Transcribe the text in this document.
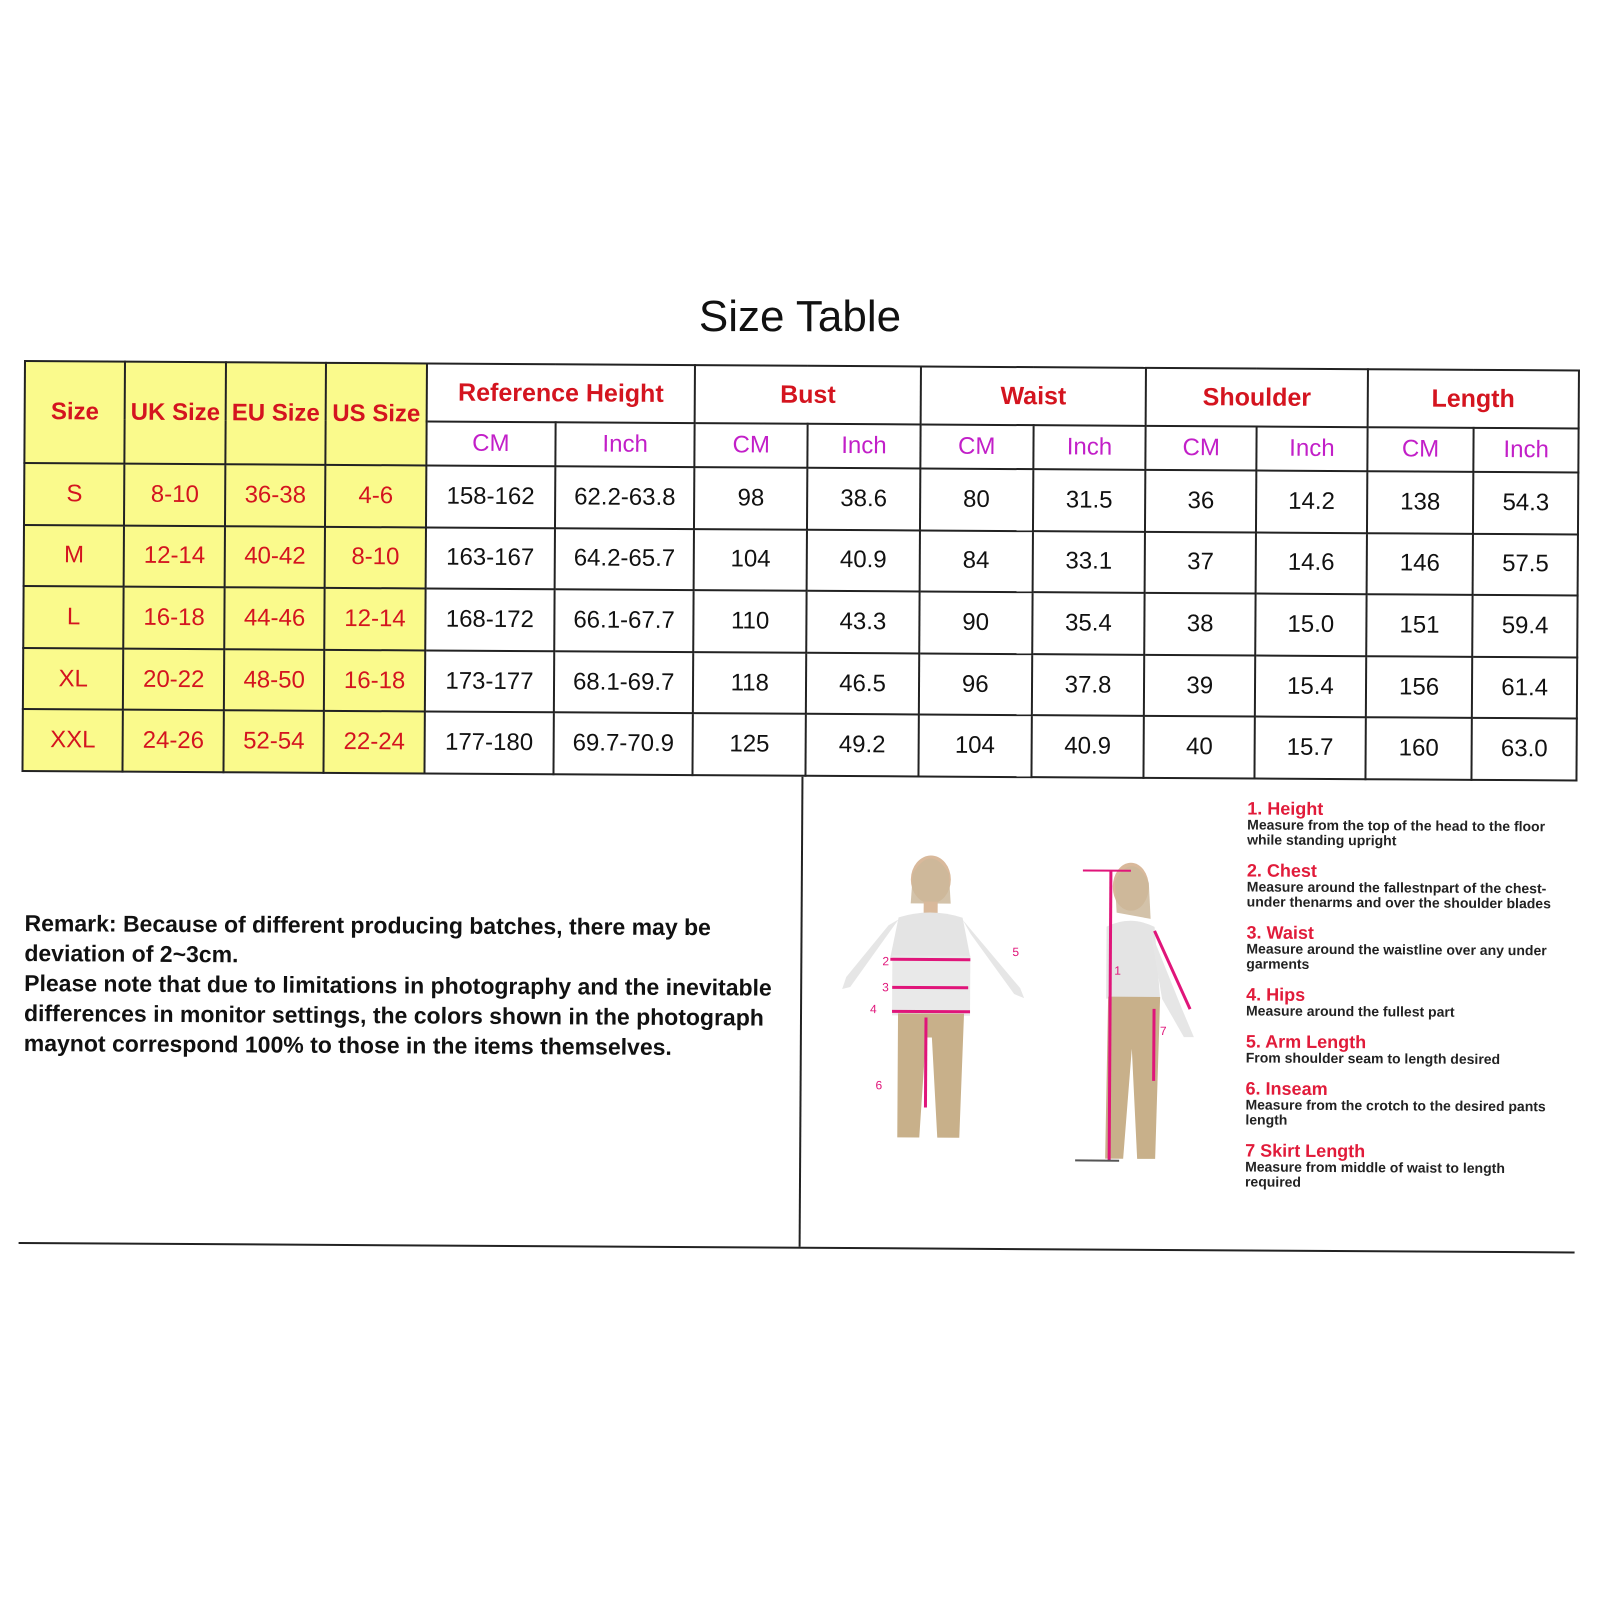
Size Table
Size	UK Size	EU Size	US Size	Reference Height		Bust		Waist		Shoulder		Length	
				CM	Inch	CM	Inch	CM	Inch	CM	Inch	CM	Inch
S	8-10	36-38	4-6	158-162	62.2-63.8	98	38.6	80	31.5	36	14.2	138	54.3
M	12-14	40-42	8-10	163-167	64.2-65.7	104	40.9	84	33.1	37	14.6	146	57.5
L	16-18	44-46	12-14	168-172	66.1-67.7	110	43.3	90	35.4	38	15.0	151	59.4
XL	20-22	48-50	16-18	173-177	68.1-69.7	118	46.5	96	37.8	39	15.4	156	61.4
XXL	24-26	52-54	22-24	177-180	69.7-70.9	125	49.2	104	40.9	40	15.7	160	63.0

Remark: Because of different producing batches, there may be deviation of 2~3cm.

Please note that due to limitations in photography and the inevitable differences in monitor settings, the colors shown in the photograph maynot correspond 100% to those in the items themselves.

2
3
4
6
5
1
7
1. Height
Measure from the top of the head to the floor while standing upright
2. Chest
Measure around the fallestnpart of the chest-under thenarms and over the shoulder blades
3. Waist
Measure around the waistline over any under garments
4. Hips
Measure around the fullest part
5. Arm Length
From shoulder seam to length desired
6. Inseam
Measure from the crotch to the desired pants length
7 Skirt Length
Measure from middle of waist to length required
